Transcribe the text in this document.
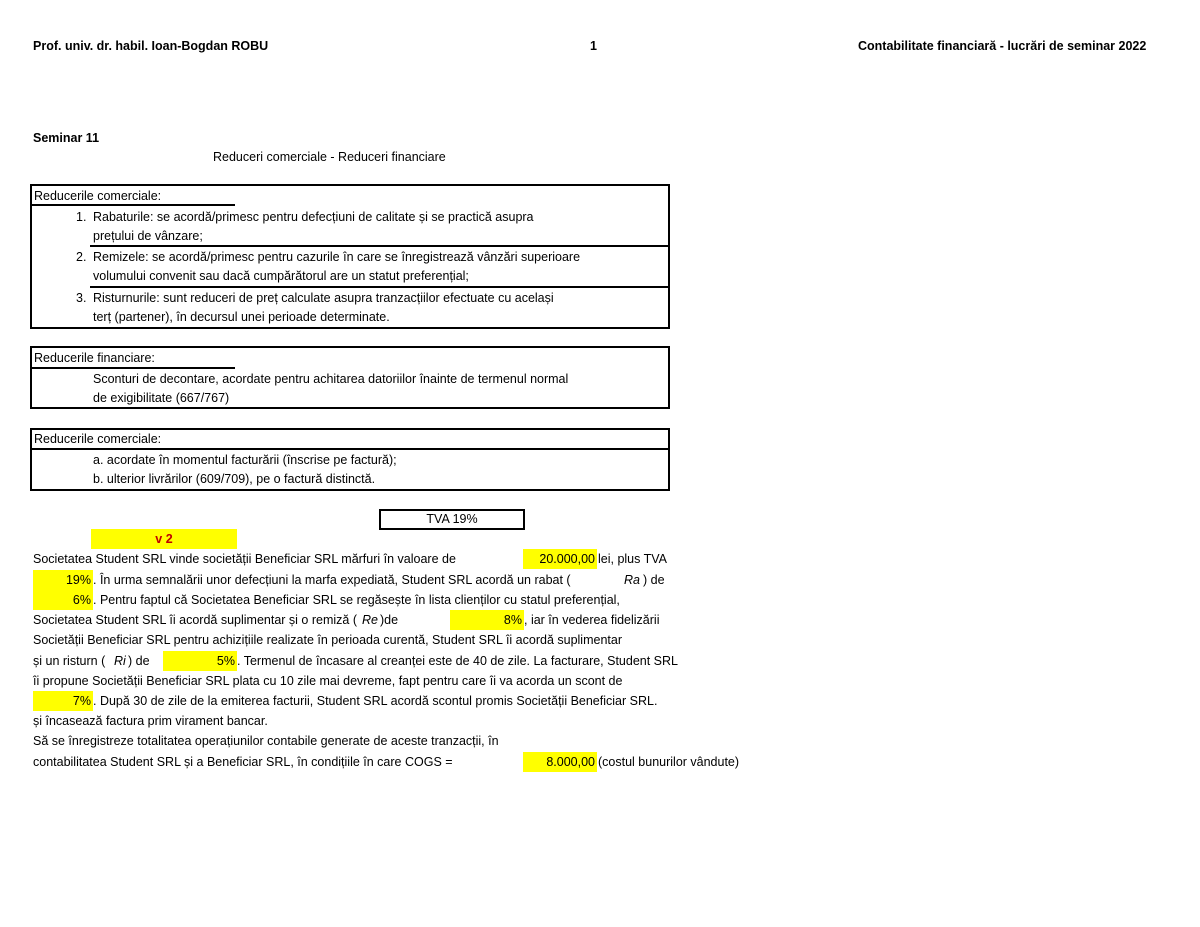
Prof. univ. dr. habil. Ioan-Bogdan ROBU	1	Contabilitate financiară - lucrări de seminar 2022
Seminar 11
Reduceri comerciale - Reduceri financiare
Reducerile comerciale:
1. Rabaturile: se acordă/primesc pentru defecțiuni de calitate și se practică asupra
prețului de vânzare;
2. Remizele: se acordă/primesc pentru cazurile în care se înregistrează vânzări superioare
volumului convenit sau dacă cumpărătorul are un statut preferențial;
3. Risturnurile: sunt reduceri de preț calculate asupra tranzacțiilor efectuate cu același
terț (partener), în decursul unei perioade determinate.
Reducerile financiare:
Sconturi de decontare, acordate pentru achitarea datoriilor înainte de termenul normal
de exigibilitate (667/767)
Reducerile comerciale:
a. acordate în momentul facturării (înscrise pe factură);
b. ulterior livrărilor (609/709), pe o factură distinctă.
TVA 19%
v 2
Societatea Student SRL vinde societății Beneficiar SRL mărfuri în valoare de	20.000,00 lei, plus TVA
19% . În urma semnalării unor defecțiuni la marfa expediată, Student SRL acordă un rabat (	Ra ) de
6% . Pentru faptul că Societatea Beneficiar SRL se regăsește în lista clienților cu statul preferențial,
Societatea Student SRL îi acordă suplimentar și o remiză ( Re )de	8% , iar în vederea fidelizării
Societății Beneficiar SRL pentru achizițiile realizate în perioada curentă, Student SRL îi acordă suplimentar
și un risturn ( Ri ) de	5% . Termenul de încasare al creanței este de 40 de zile. La facturare, Student SRL
îi propune Societății Beneficiar SRL plata cu 10 zile mai devreme, fapt pentru care îi va acorda un scont de
7% . După 30 de zile de la emiterea facturii, Student SRL acordă scontul promis Societății Beneficiar SRL.
și încasează factura prim virament bancar.
Să se înregistreze totalitatea operațiunilor contabile generate de aceste tranzacții, în
contabilitatea Student SRL și a Beneficiar SRL, în condițiile în care COGS =	8.000,00 (costul bunurilor vândute)
